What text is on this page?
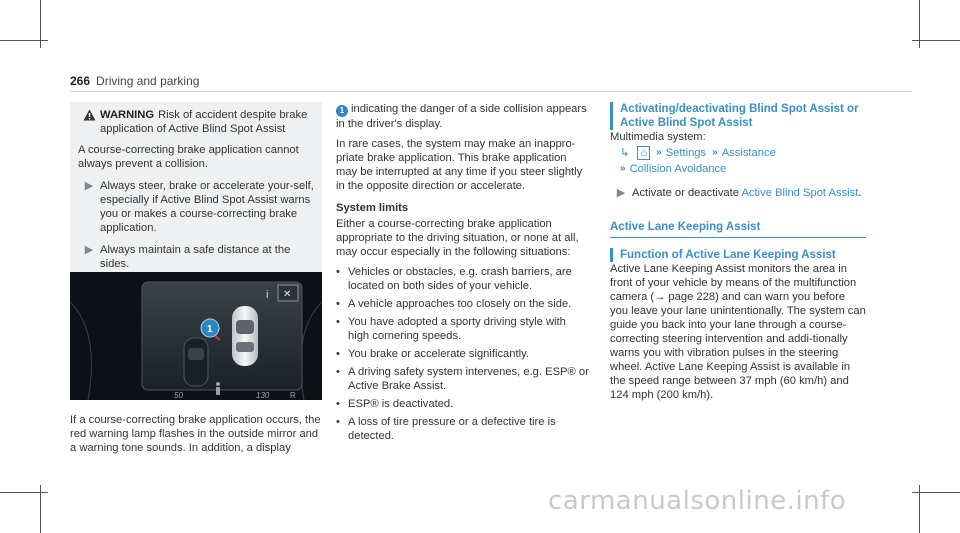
266 Driving and parking
WARNING Risk of accident despite brake application of Active Blind Spot Assist
A course-correcting brake application cannot always prevent a collision.
▶ Always steer, brake or accelerate your-self, especially if Active Blind Spot Assist warns you or makes a course-correcting brake application.
▶ Always maintain a safe distance at the sides.
i ✕
1
50	130	R
If a course-correcting brake application occurs, the red warning lamp flashes in the outside mirror and a warning tone sounds. In addition, a display

1 indicating the danger of a side collision appears in the driver's display.

In rare cases, the system may make an inappro-priate brake application. This brake application may be interrupted at any time if you steer slightly in the opposite direction or accelerate.

System limits

Either a course-correcting brake application appropriate to the driving situation, or none at all, may occur especially in the following situations:

• Vehicles or obstacles, e.g. crash barriers, are located on both sides of your vehicle.
• A vehicle approaches too closely on the side.
• You have adopted a sporty driving style with high cornering speeds.
• You brake or accelerate significantly.
• A driving safety system intervenes, e.g. ESP® or Active Brake Assist.
• ESP® is deactivated.
• A loss of tire pressure or a defective tire is detected.
Activating/deactivating Blind Spot Assist or Active Blind Spot Assist
Multimedia system:
↳ ⌂ » Settings » Assistance
» Collision Avoidance
▶ Activate or deactivate Active Blind Spot Assist.
Active Lane Keeping Assist
Function of Active Lane Keeping Assist

Active Lane Keeping Assist monitors the area in front of your vehicle by means of the multifunction camera (→ page 228) and can warn you before you leave your lane unintentionally. The system can guide you back into your lane through a course-correcting steering intervention and addi-tionally warns you with vibration pulses in the steering wheel. Active Lane Keeping Assist is available in the speed range between 37 mph (60 km/h) and 124 mph (200 km/h).

carmanualsonline.info
